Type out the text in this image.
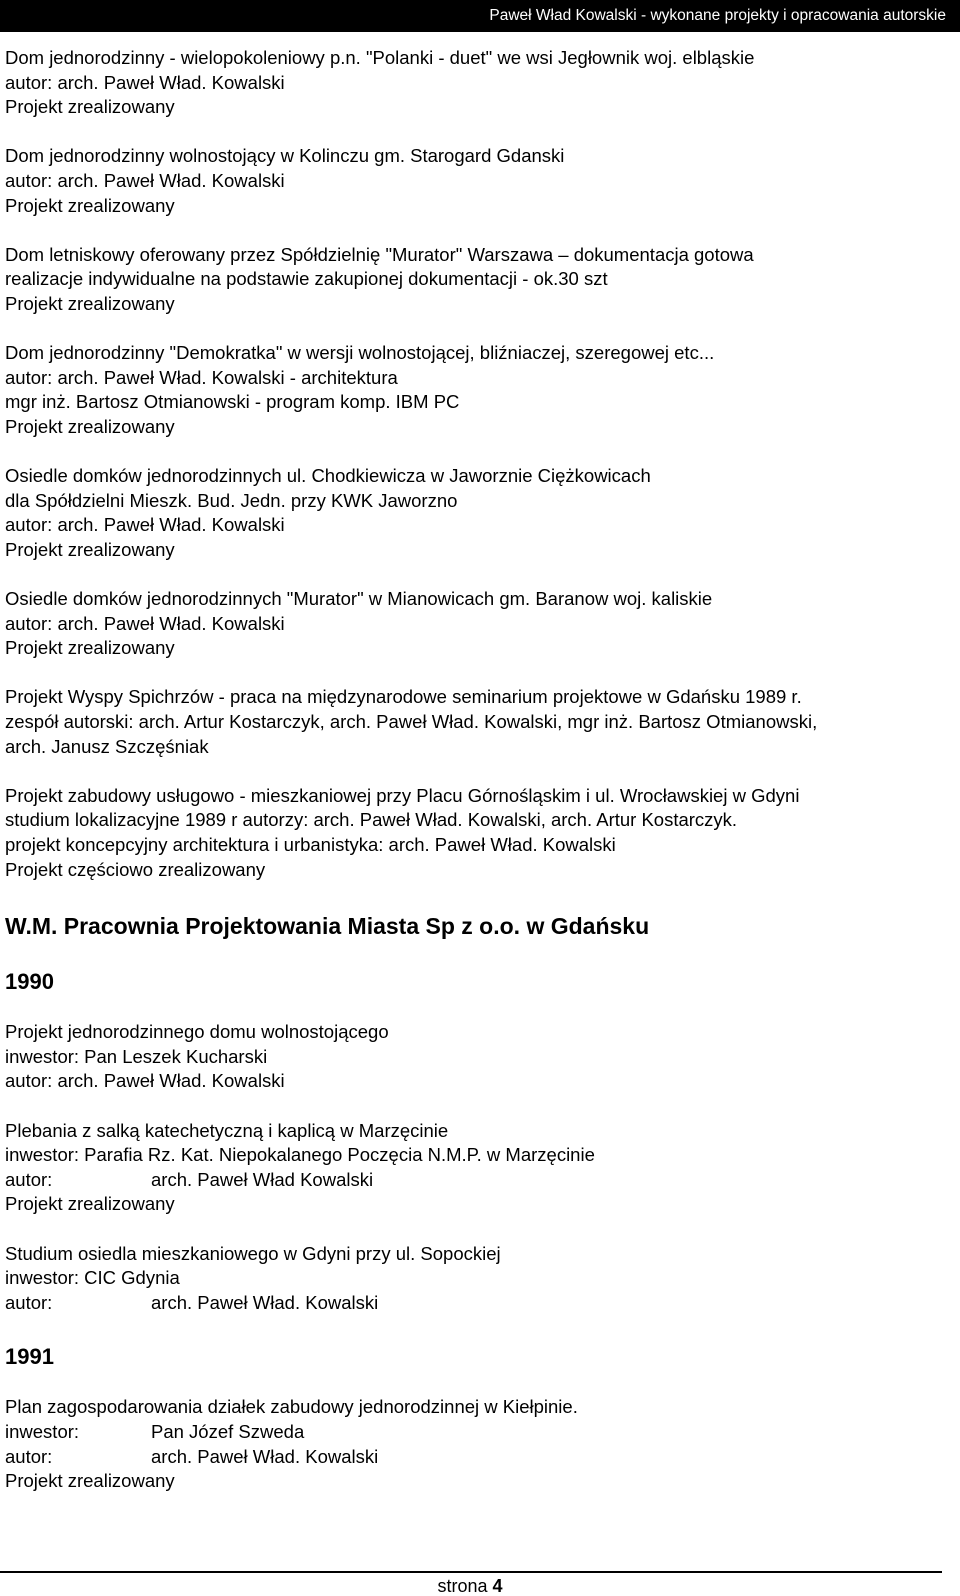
Paweł Wład Kowalski - wykonane projekty i opracowania autorskie
Dom jednorodzinny - wielopokoleniowy p.n. "Polanki - duet" we wsi Jegłownik woj. elbląskie
autor: arch. Paweł Wład. Kowalski
Projekt zrealizowany
Dom jednorodzinny wolnostojący w Kolinczu gm. Starogard Gdanski
autor: arch. Paweł Wład. Kowalski
Projekt zrealizowany
Dom letniskowy oferowany przez Spółdzielnię "Murator" Warszawa – dokumentacja gotowa
realizacje indywidualne na podstawie zakupionej dokumentacji - ok.30 szt
Projekt zrealizowany
Dom jednorodzinny "Demokratka" w wersji wolnostojącej, bliźniaczej, szeregowej etc...
autor: arch. Paweł Wład. Kowalski - architektura
mgr inż. Bartosz Otmianowski - program komp. IBM PC
Projekt zrealizowany
Osiedle domków jednorodzinnych ul. Chodkiewicza w Jaworznie Ciężkowicach
dla Spółdzielni Mieszk. Bud. Jedn. przy KWK Jaworzno
autor: arch. Paweł Wład. Kowalski
Projekt zrealizowany
Osiedle domków jednorodzinnych "Murator" w Mianowicach gm. Baranow woj. kaliskie
autor: arch. Paweł Wład. Kowalski
Projekt zrealizowany
Projekt Wyspy Spichrzów - praca na międzynarodowe seminarium projektowe w Gdańsku 1989 r.
zespół autorski: arch. Artur Kostarczyk, arch. Paweł Wład. Kowalski, mgr inż. Bartosz Otmianowski,
arch. Janusz Szczęśniak
Projekt zabudowy usługowo - mieszkaniowej przy Placu Górnośląskim i ul. Wrocławskiej w Gdyni
studium lokalizacyjne 1989 r autorzy: arch. Paweł Wład. Kowalski, arch. Artur Kostarczyk.
projekt koncepcyjny architektura i urbanistyka: arch. Paweł Wład. Kowalski
Projekt częściowo zrealizowany
W.M. Pracownia Projektowania Miasta Sp z o.o. w Gdańsku
1990
Projekt jednorodzinnego domu wolnostojącego
inwestor: Pan Leszek Kucharski
autor: arch. Paweł Wład. Kowalski
Plebania z salką katechetyczną i kaplicą w Marzęcinie
inwestor: Parafia Rz. Kat. Niepokalanego Poczęcia N.M.P. w Marzęcinie
autor:	arch. Paweł Wład Kowalski
Projekt zrealizowany
Studium osiedla mieszkaniowego w Gdyni przy ul. Sopockiej
inwestor: CIC Gdynia
autor:	arch. Paweł Wład. Kowalski
1991
Plan zagospodarowania działek zabudowy jednorodzinnej w Kiełpinie.
inwestor:	Pan Józef Szweda
autor:	arch. Paweł Wład. Kowalski
Projekt zrealizowany
strona 4
